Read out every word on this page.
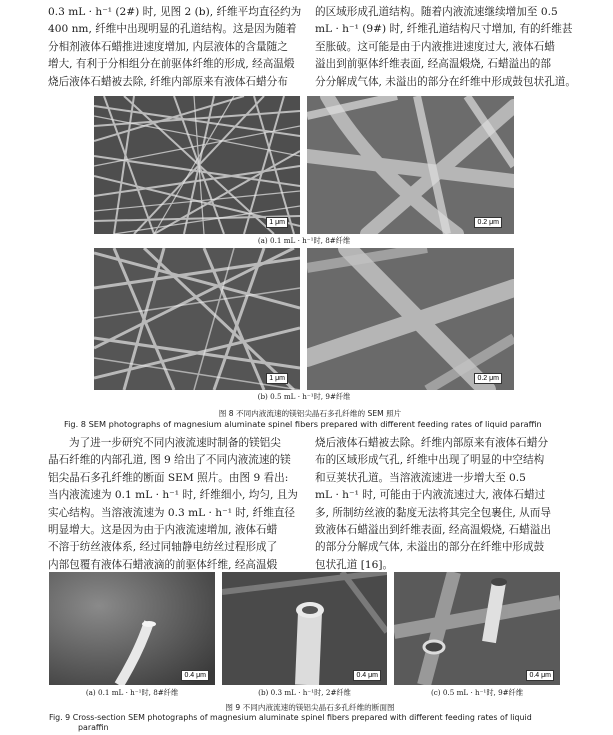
0.3 mL · h⁻¹ (2#) 时, 见图 2 (b), 纤维平均直径约为
400 nm, 纤维中出现明显的孔道结构。这是因为随着
分相剂液体石蜡推进速度增加, 内层液体的含量随之
增大, 有利于分相组分在前驱体纤维的形成, 经高温煅
烧后液体石蜡被去除, 纤维内部原来有液体石蜡分布
的区域形成孔道结构。随着内液流速继续增加至 0.5
mL · h⁻¹ (9#) 时, 纤维孔道结构尺寸增加, 有的纤维甚
至胀破。这可能是由于内液推进速度过大, 液体石蜡
溢出到前驱体纤维表面, 经高温煅烧, 石蜡溢出的部
分分解成气体, 未溢出的部分在纤维中形成鼓包状孔道。
1 μm	0.2 μm
(a) 0.1 mL · h⁻¹时, 8#纤维
1 μm	0.2 μm
(b) 0.5 mL · h⁻¹时, 9#纤维
图 8 不同内液流速的镁铝尖晶石多孔纤维的 SEM 照片
Fig. 8 SEM photographs of magnesium aluminate spinel fibers prepared with different feeding rates of liquid paraffin
为了进一步研究不同内液流速时制备的镁铝尖
晶石纤维的内部孔道, 图 9 给出了不同内液流速的镁
铝尖晶石多孔纤维的断面 SEM 照片。由图 9 看出:
当内液流速为 0.1 mL · h⁻¹ 时, 纤维细小, 均匀, 且为
实心结构。当溶液流速为 0.3 mL · h⁻¹ 时, 纤维直径
明显增大。这是因为由于内液流速增加, 液体石蜡
不溶于纺丝液体系, 经过同轴静电纺丝过程形成了
内部包覆有液体石蜡液滴的前驱体纤维, 经高温煅
烧后液体石蜡被去除。纤维内部原来有液体石蜡分
布的区域形成气孔, 纤维中出现了明显的中空结构
和豆荚状孔道。当溶液流速进一步增大至 0.5
mL · h⁻¹ 时, 可能由于内液流速过大, 液体石蜡过
多, 所制纺丝液的黏度无法将其完全包裹住, 从而导
致液体石蜡溢出到纤维表面, 经高温煅烧, 石蜡溢出
的部分分解成气体, 未溢出的部分在纤维中形成鼓
包状孔道 [16]。
0.4 μm	0.4 μm	0.4 μm
(a) 0.1 mL · h⁻¹时, 8#纤维	(b) 0.3 mL · h⁻¹时, 2#纤维	(c) 0.5 mL · h⁻¹时, 9#纤维
图 9 不同内液流速的镁铝尖晶石多孔纤维的断面图
Fig. 9 Cross-section SEM photographs of magnesium aluminate spinel fibers prepared with different feeding rates of liquid
paraffin
